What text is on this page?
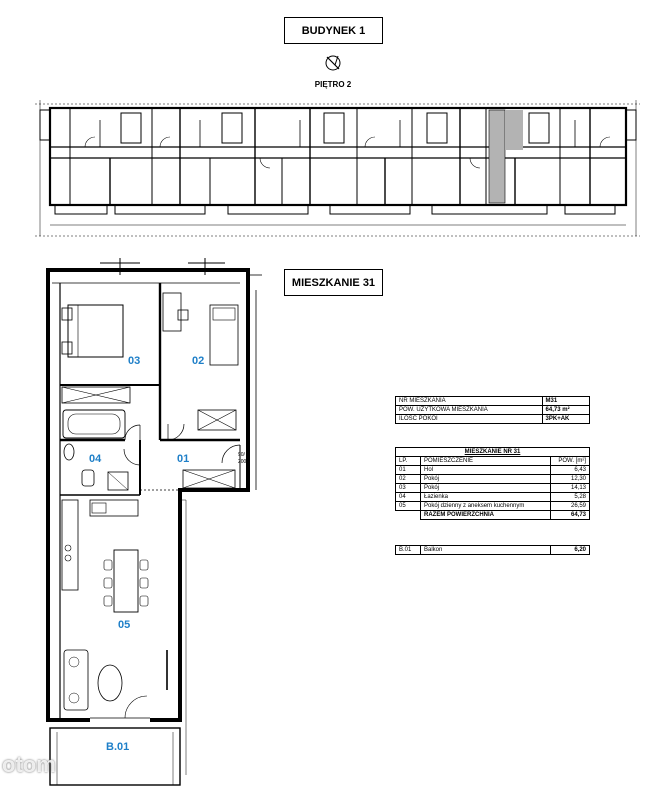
BUDYNEK 1
PIĘTRO 2
MIESZKANIE 31
90/
200
03	02
04	01
05
B.01
NR MIESZKANIA	M31
POW. UŻYTKOWA MIESZKANIA	64,73 m²
ILOŚĆ POKOI	3PK+AK
MIESZKANIE NR 31		
LP.	POMIESZCZENIE	POW. [m²]
01	Hol	6,43
02	Pokój	12,30
03	Pokój	14,13
04	Łazienka	5,28
05	Pokój dzienny z aneksem kuchennym	26,59
	RAZEM POWIERZCHNIA	64,73
B.01	Balkon	6,20
otom
